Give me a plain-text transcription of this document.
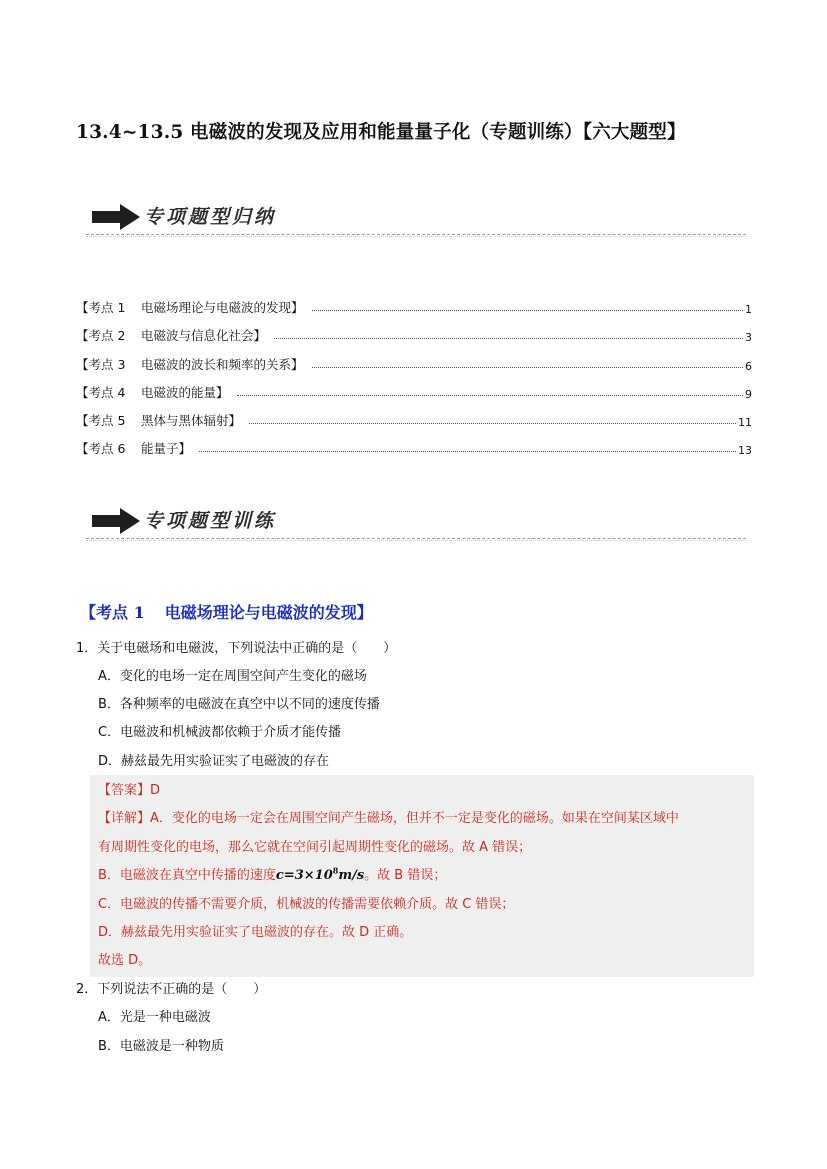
13.4~13.5 电磁波的发现及应用和能量量子化（专题训练）【六大题型】
专项题型归纳
【考点 1 电磁场理论与电磁波的发现】	1
【考点 2 电磁波与信息化社会】	3
【考点 3 电磁波的波长和频率的关系】	6
【考点 4 电磁波的能量】	9
【考点 5 黑体与黑体辐射】	11
【考点 6 能量子】	13
专项题型训练
【考点 1 电磁场理论与电磁波的发现】
1．关于电磁场和电磁波，下列说法中正确的是（　　）
A．变化的电场一定在周围空间产生变化的磁场
B．各种频率的电磁波在真空中以不同的速度传播
C．电磁波和机械波都依赖于介质才能传播
D．赫兹最先用实验证实了电磁波的存在
【答案】D
【详解】A．变化的电场一定会在周围空间产生磁场，但并不一定是变化的磁场。如果在空间某区域中
有周期性变化的电场，那么它就在空间引起周期性变化的磁场。故 A 错误；
B．电磁波在真空中传播的速度$c=3\times 10^8m/s$。故 B 错误；
C．电磁波的传播不需要介质，机械波的传播需要依赖介质。故 C 错误；
D．赫兹最先用实验证实了电磁波的存在。故 D 正确。
故选 D。
2．下列说法不正确的是（　　）
A．光是一种电磁波
B．电磁波是一种物质
